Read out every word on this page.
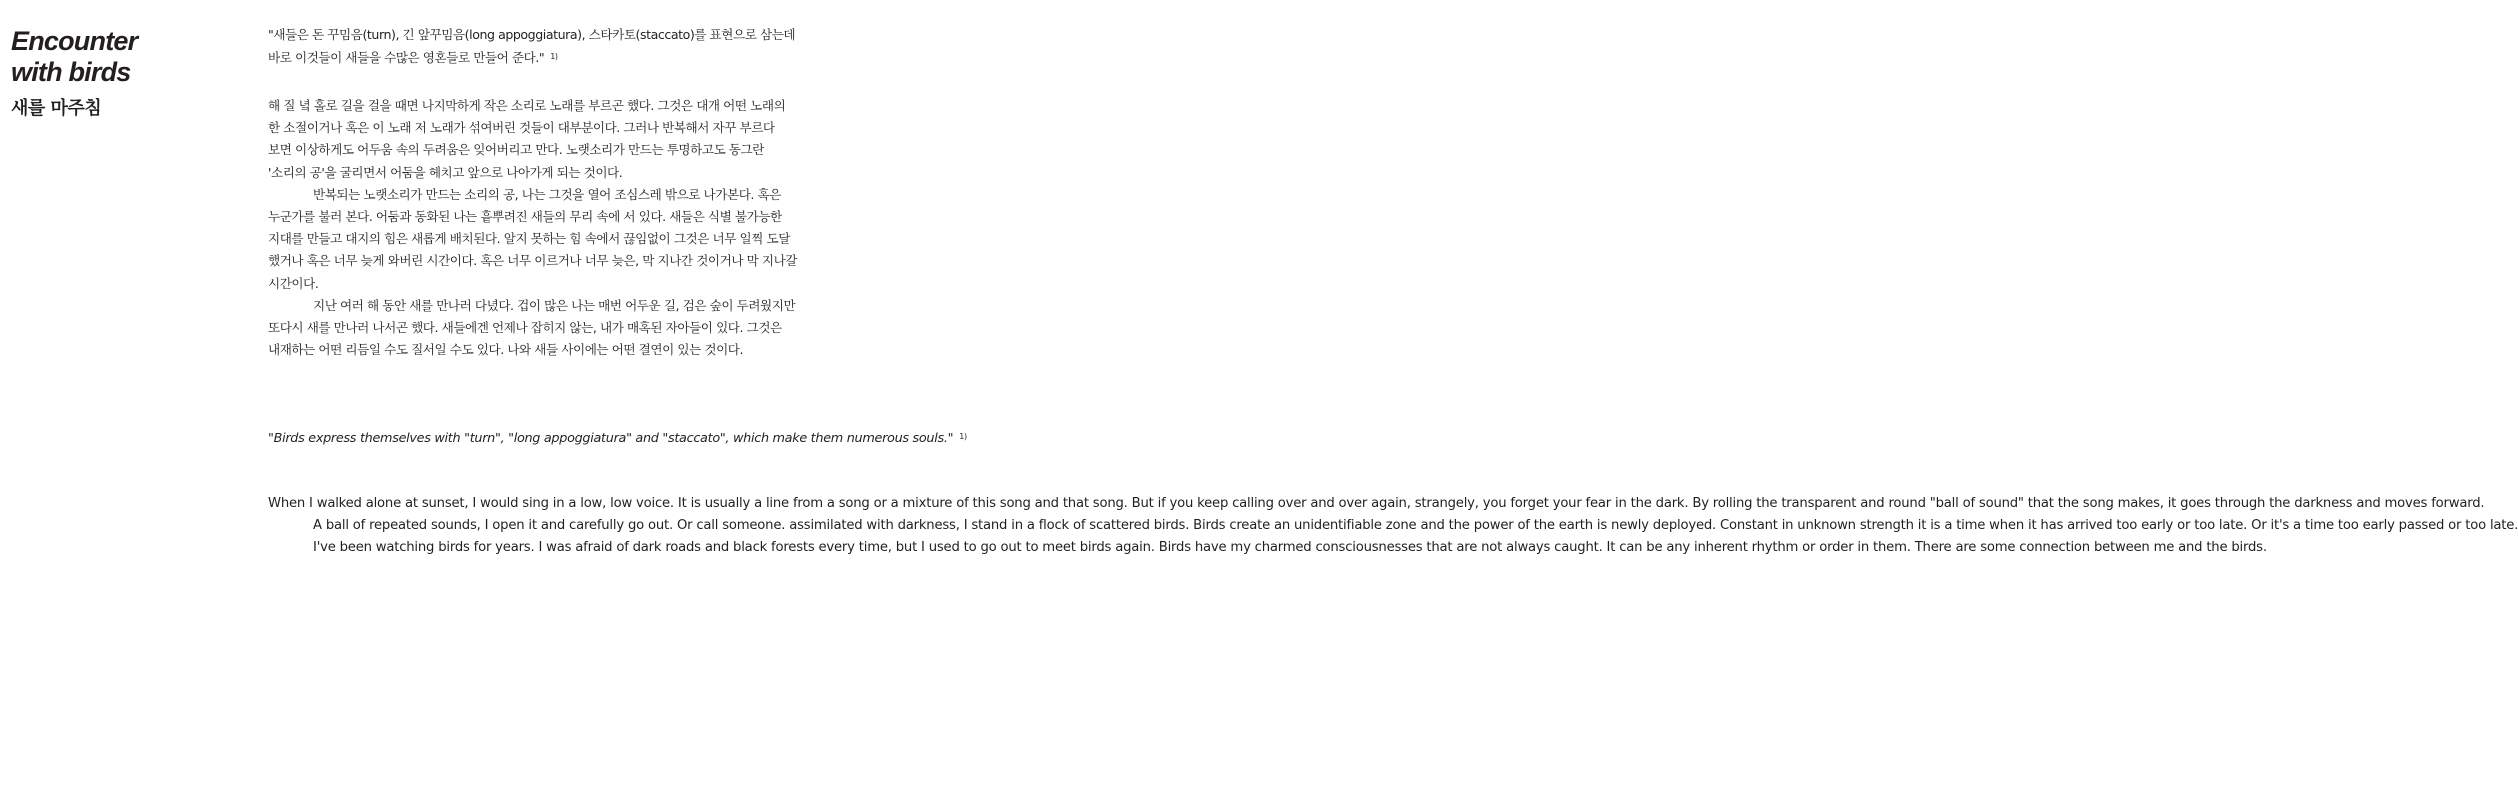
Encounter
with birds
새를 마주침
"새들은 돈 꾸밈음(turn), 긴 앞꾸밈음(long appoggiatura), 스타카토(staccato)를 표현으로 삼는데
바로 이것들이 새들을 수많은 영혼들로 만들어 준다." $^{1)}$
해 질 녘 홀로 길을 걸을 때면 나지막하게 작은 소리로 노래를 부르곤 했다. 그것은 대개 어떤 노래의
한 소절이거나 혹은 이 노래 저 노래가 섞여버린 것들이 대부분이다. 그러나 반복해서 자꾸 부르다
보면 이상하게도 어두움 속의 두려움은 잊어버리고 만다. 노랫소리가 만드는 투명하고도 동그란
'소리의 공'을 굴리면서 어둠을 헤치고 앞으로 나아가게 되는 것이다.
반복되는 노랫소리가 만드는 소리의 공, 나는 그것을 열어 조심스레 밖으로 나가본다. 혹은
누군가를 불러 본다. 어둠과 동화된 나는 흩뿌려진 새들의 무리 속에 서 있다. 새들은 식별 불가능한
지대를 만들고 대지의 힘은 새롭게 배치된다. 알지 못하는 힘 속에서 끊임없이 그것은 너무 일찍 도달
했거나 혹은 너무 늦게 와버린 시간이다. 혹은 너무 이르거나 너무 늦은, 막 지나간 것이거나 막 지나갈
시간이다.
지난 여러 해 동안 새를 만나러 다녔다. 겁이 많은 나는 매번 어두운 길, 검은 숲이 두려웠지만
또다시 새를 만나러 나서곤 했다. 새들에겐 언제나 잡히지 않는, 내가 매혹된 자아들이 있다. 그것은
내재하는 어떤 리듬일 수도 질서일 수도 있다. 나와 새들 사이에는 어떤 결연이 있는 것이다.
"Birds express themselves with "turn", "long appoggiatura" and "staccato", which make them numerous souls." $^{1)}$
When I walked alone at sunset, I would sing in a low, low voice. It is usually a line from a song or a mixture of this song and that song. But if you keep calling over and over again, strangely, you forget your fear in the dark. By rolling the transparent and round "ball of sound" that the song makes, it goes through the darkness and moves forward.
A ball of repeated sounds, I open it and carefully go out. Or call someone. assimilated with darkness, I stand in a flock of scattered birds. Birds create an unidentifiable zone and the power of the earth is newly deployed. Constant in unknown strength it is a time when it has arrived too early or too late. Or it's a time too early passed or too late.
I've been watching birds for years. I was afraid of dark roads and black forests every time, but I used to go out to meet birds again. Birds have my charmed consciousnesses that are not always caught. It can be any inherent rhythm or order in them. There are some connection between me and the birds.
